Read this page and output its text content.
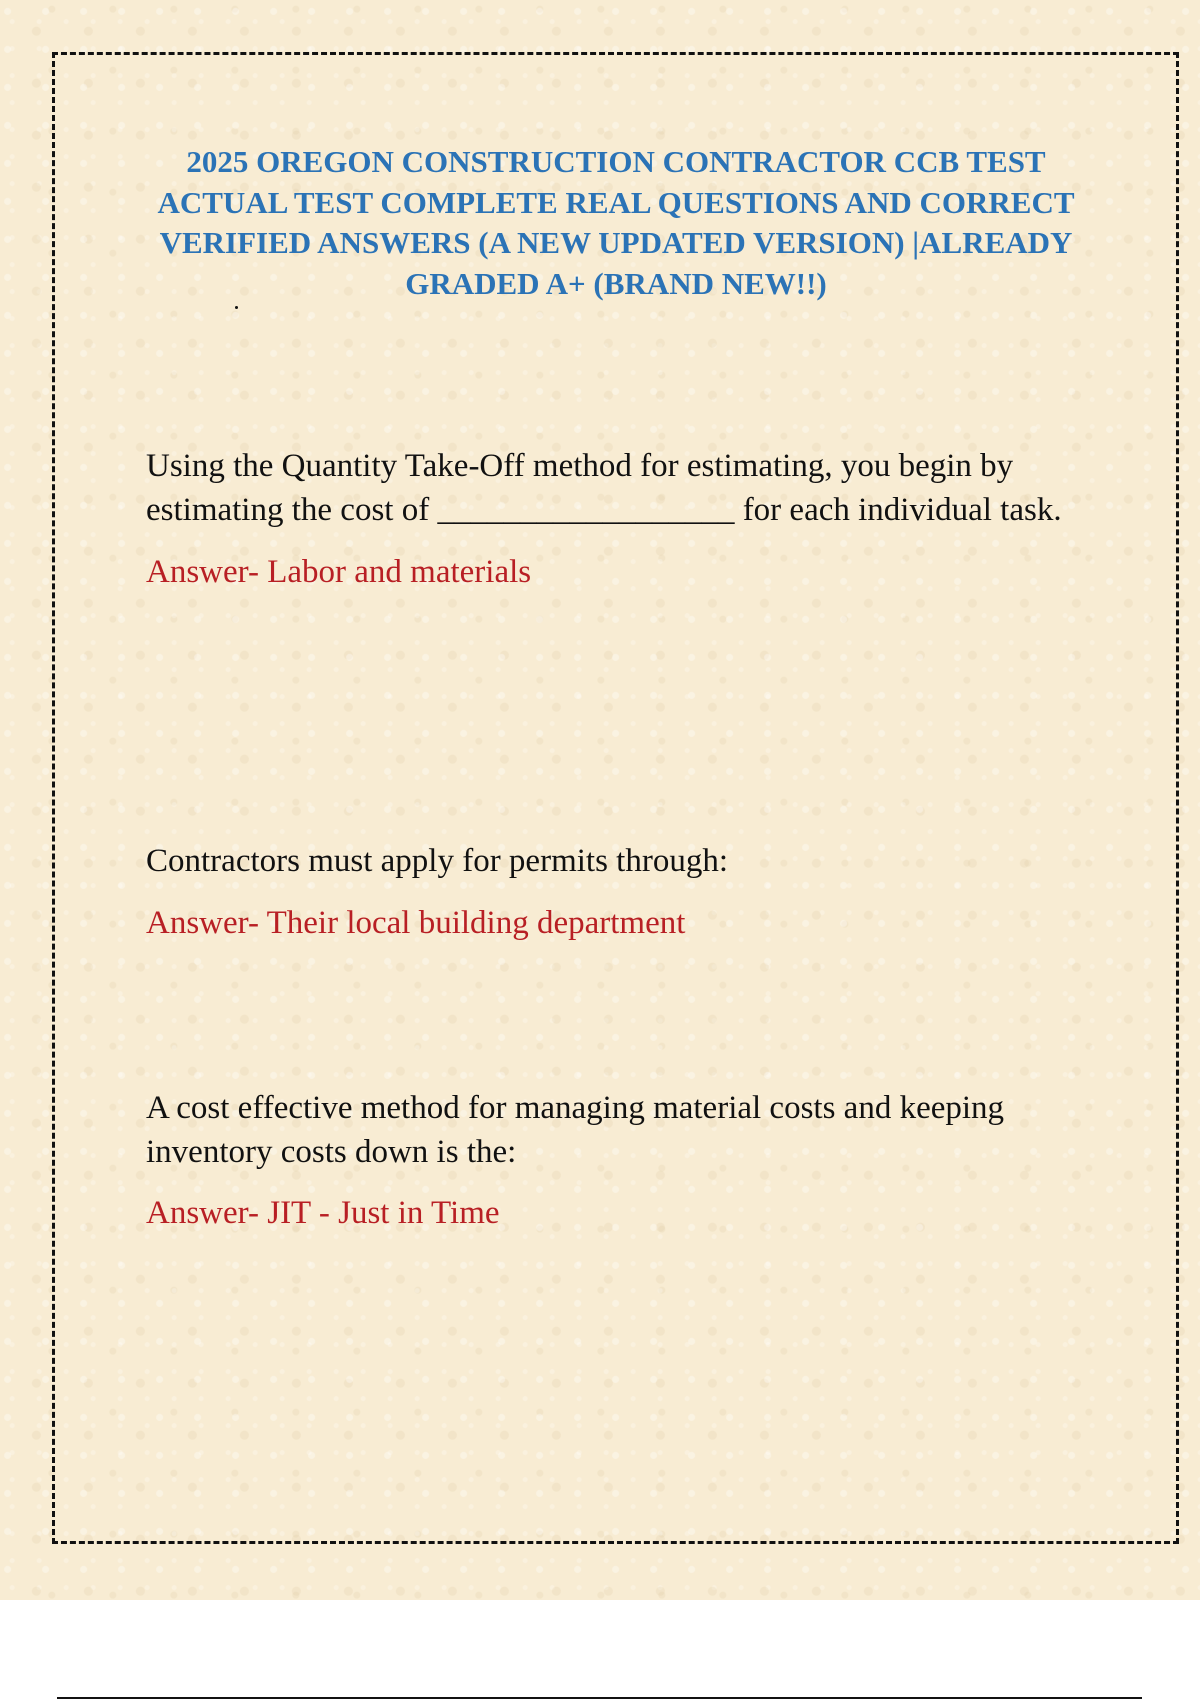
2025 OREGON CONSTRUCTION CONTRACTOR CCB TEST ACTUAL TEST COMPLETE REAL QUESTIONS AND CORRECT VERIFIED ANSWERS (A NEW UPDATED VERSION) |ALREADY GRADED A+ (BRAND NEW!!)

Using the Quantity Take-Off method for estimating, you begin by estimating the cost of __________________ for each individual task.

Answer- Labor and materials

Contractors must apply for permits through:

Answer- Their local building department

A cost effective method for managing material costs and keeping inventory costs down is the:

Answer- JIT - Just in Time
